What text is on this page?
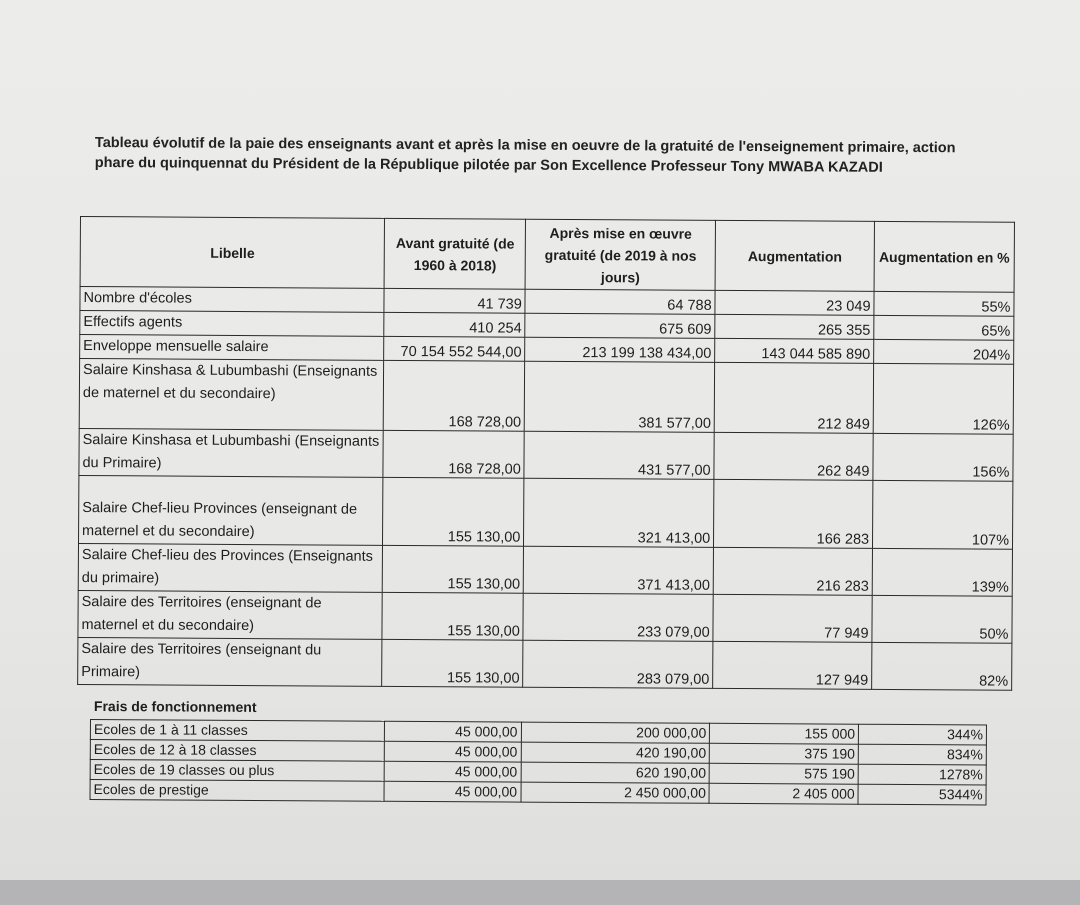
Tableau évolutif de la paie des enseignants avant et après la mise en oeuvre de la gratuité de l'enseignement primaire, action
phare du quinquennat du Président de la République pilotée par Son Excellence Professeur Tony MWABA KAZADI
Libelle	Avant gratuité (de 1960 à 2018)	Après mise en œuvre gratuité (de 2019 à nos jours)	Augmentation	Augmentation en %
Nombre d'écoles	41 739	64 788	23 049	55%
Effectifs agents	410 254	675 609	265 355	65%
Enveloppe mensuelle salaire	70 154 552 544,00	213 199 138 434,00	143 044 585 890	204%
Salaire Kinshasa & Lubumbashi (Enseignants de maternel et du secondaire)	168 728,00	381 577,00	212 849	126%
Salaire Kinshasa et Lubumbashi (Enseignants du Primaire)	168 728,00	431 577,00	262 849	156%
Salaire Chef-lieu Provinces (enseignant de maternel et du secondaire)	155 130,00	321 413,00	166 283	107%
Salaire Chef-lieu des Provinces (Enseignants du primaire)	155 130,00	371 413,00	216 283	139%
Salaire des Territoires (enseignant de maternel et du secondaire)	155 130,00	233 079,00	77 949	50%
Salaire des Territoires (enseignant du Primaire)	155 130,00	283 079,00	127 949	82%
Frais de fonctionnement
Ecoles de 1 à 11 classes	45 000,00	200 000,00	155 000	344%
Ecoles de 12 à 18 classes	45 000,00	420 190,00	375 190	834%
Ecoles de 19 classes ou plus	45 000,00	620 190,00	575 190	1278%
Ecoles de prestige	45 000,00	2 450 000,00	2 405 000	5344%
